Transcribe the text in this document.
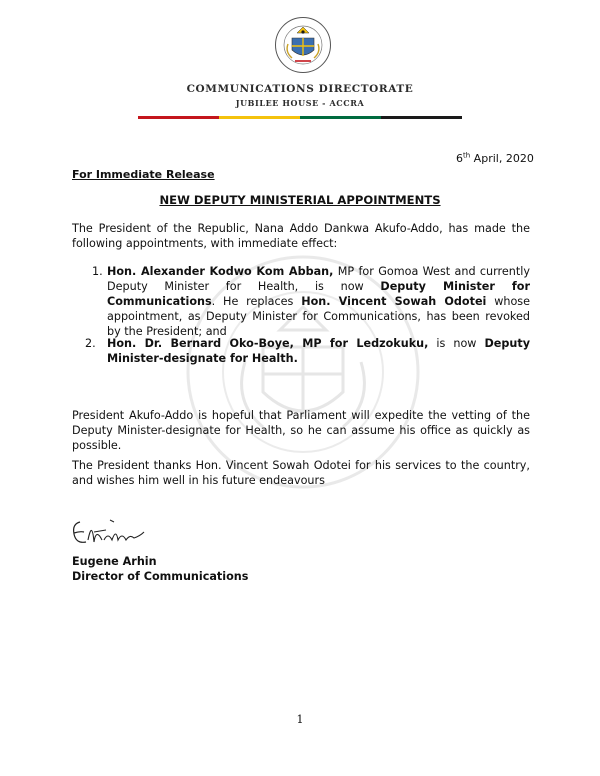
COMMUNICATIONS DIRECTORATE
JUBILEE HOUSE - ACCRA
6th April, 2020
For Immediate Release
NEW DEPUTY MINISTERIAL APPOINTMENTS
The President of the Republic, Nana Addo Dankwa Akufo-Addo, has made the following appointments, with immediate effect:
1. Hon. Alexander Kodwo Kom Abban, MP for Gomoa West and currently Deputy Minister for Health, is now Deputy Minister for Communications. He replaces Hon. Vincent Sowah Odotei whose appointment, as Deputy Minister for Communications, has been revoked by the President; and
2. Hon. Dr. Bernard Oko-Boye, MP for Ledzokuku, is now Deputy Minister-designate for Health.
President Akufo-Addo is hopeful that Parliament will expedite the vetting of the Deputy Minister-designate for Health, so he can assume his office as quickly as possible.
The President thanks Hon. Vincent Sowah Odotei for his services to the country, and wishes him well in his future endeavours
Eugene Arhin
Director of Communications
1
